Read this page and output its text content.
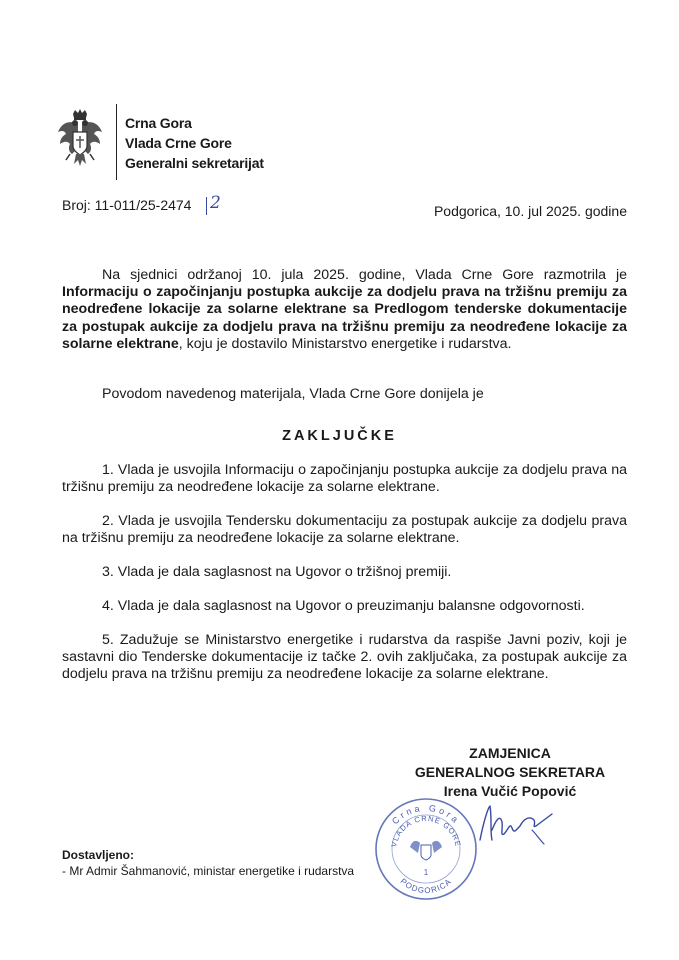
Crna Gora
Vlada Crne Gore
Generalni sekretarijat
Broj: 11-011/25-2474 2	Podgorica, 10. jul 2025. godine
Na sjednici održanoj 10. jula 2025. godine, Vlada Crne Gore razmotrila je Informaciju o započinjanju postupka aukcije za dodjelu prava na tržišnu premiju za neodređene lokacije za solarne elektrane sa Predlogom tenderske dokumentacije za postupak aukcije za dodjelu prava na tržišnu premiju za neodređene lokacije za solarne elektrane, koju je dostavilo Ministarstvo energetike i rudarstva.
Povodom navedenog materijala, Vlada Crne Gore donijela je
ZAKLJUČKE
1. Vlada je usvojila Informaciju o započinjanju postupka aukcije za dodjelu prava na tržišnu premiju za neodređene lokacije za solarne elektrane.
2. Vlada je usvojila Tendersku dokumentaciju za postupak aukcije za dodjelu prava na tržišnu premiju za neodređene lokacije za solarne elektrane.
3. Vlada je dala saglasnost na Ugovor o tržišnoj premiji.
4. Vlada je dala saglasnost na Ugovor o preuzimanju balansne odgovornosti.
5. Zadužuje se Ministarstvo energetike i rudarstva da raspiše Javni poziv, koji je sastavni dio Tenderske dokumentacije iz tačke 2. ovih zaključaka, za postupak aukcije za dodjelu prava na tržišnu premiju za neodređene lokacije za solarne elektrane.
ZAMJENICA
GENERALNOG SEKRETARA
Irena Vučić Popović
Crna Gora
VLADA CRNE GORE
PODGORICA
1
Dostavljeno:
- Mr Admir Šahmanović, ministar energetike i rudarstva
